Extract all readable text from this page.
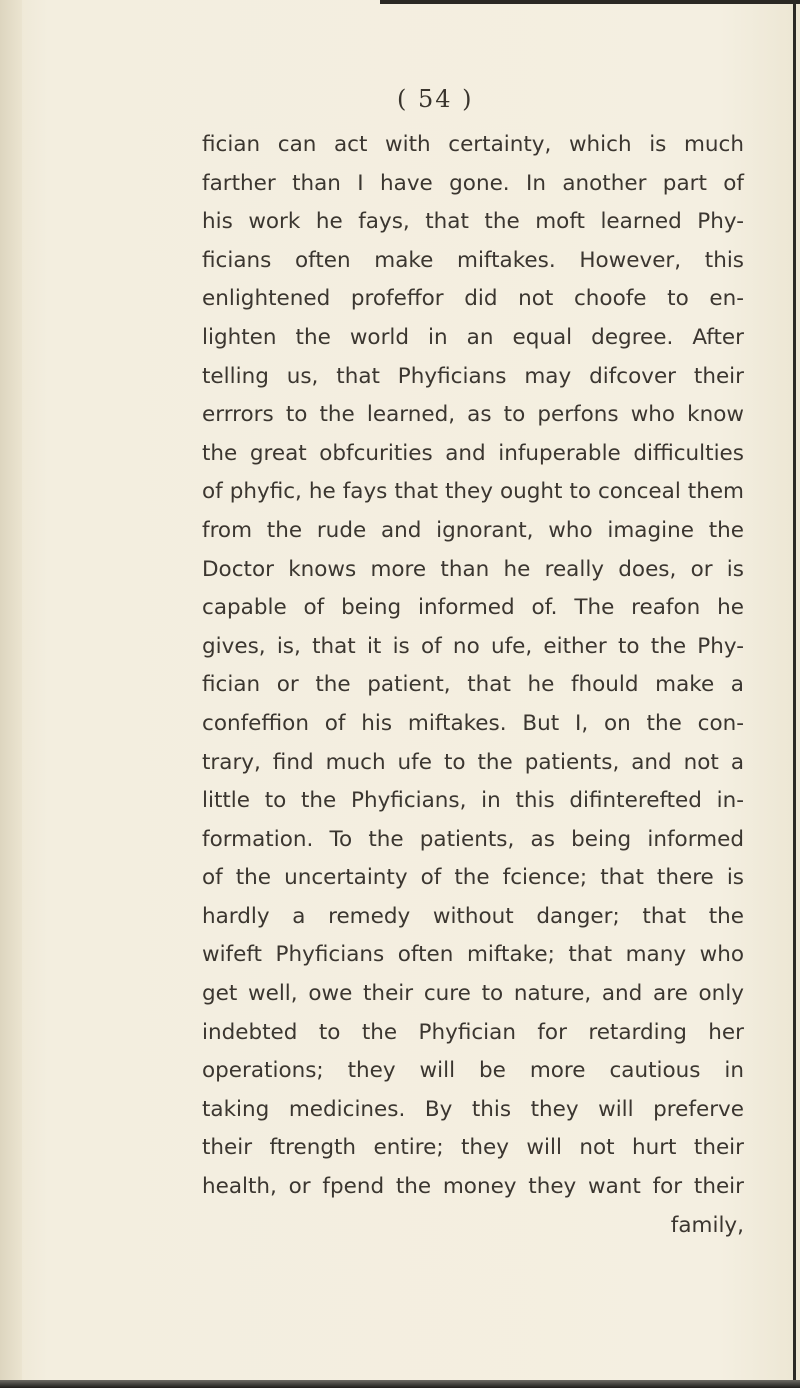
( 54 )
fician can act with certainty, which is much
farther than I have gone. In another part of
his work he fays, that the moft learned Phy-
ficians often make miftakes. However, this
enlightened profeffor did not choofe to en-
lighten the world in an equal degree. After
telling us, that Phyficians may difcover their
errrors to the learned, as to perfons who know
the great obfcurities and infuperable difficulties
of phyfic, he fays that they ought to conceal them
from the rude and ignorant, who imagine the
Doctor knows more than he really does, or is
capable of being informed of. The reafon he
gives, is, that it is of no ufe, either to the Phy-
fician or the patient, that he fhould make a
confeffion of his miftakes. But I, on the con-
trary, find much ufe to the patients, and not a
little to the Phyficians, in this difinterefted in-
formation. To the patients, as being informed
of the uncertainty of the fcience; that there is
hardly a remedy without danger; that the
wifeft Phyficians often miftake; that many who
get well, owe their cure to nature, and are only
indebted to the Phyfician for retarding her
operations; they will be more cautious in
taking medicines. By this they will preferve
their ftrength entire; they will not hurt their
health, or fpend the money they want for their
family,
